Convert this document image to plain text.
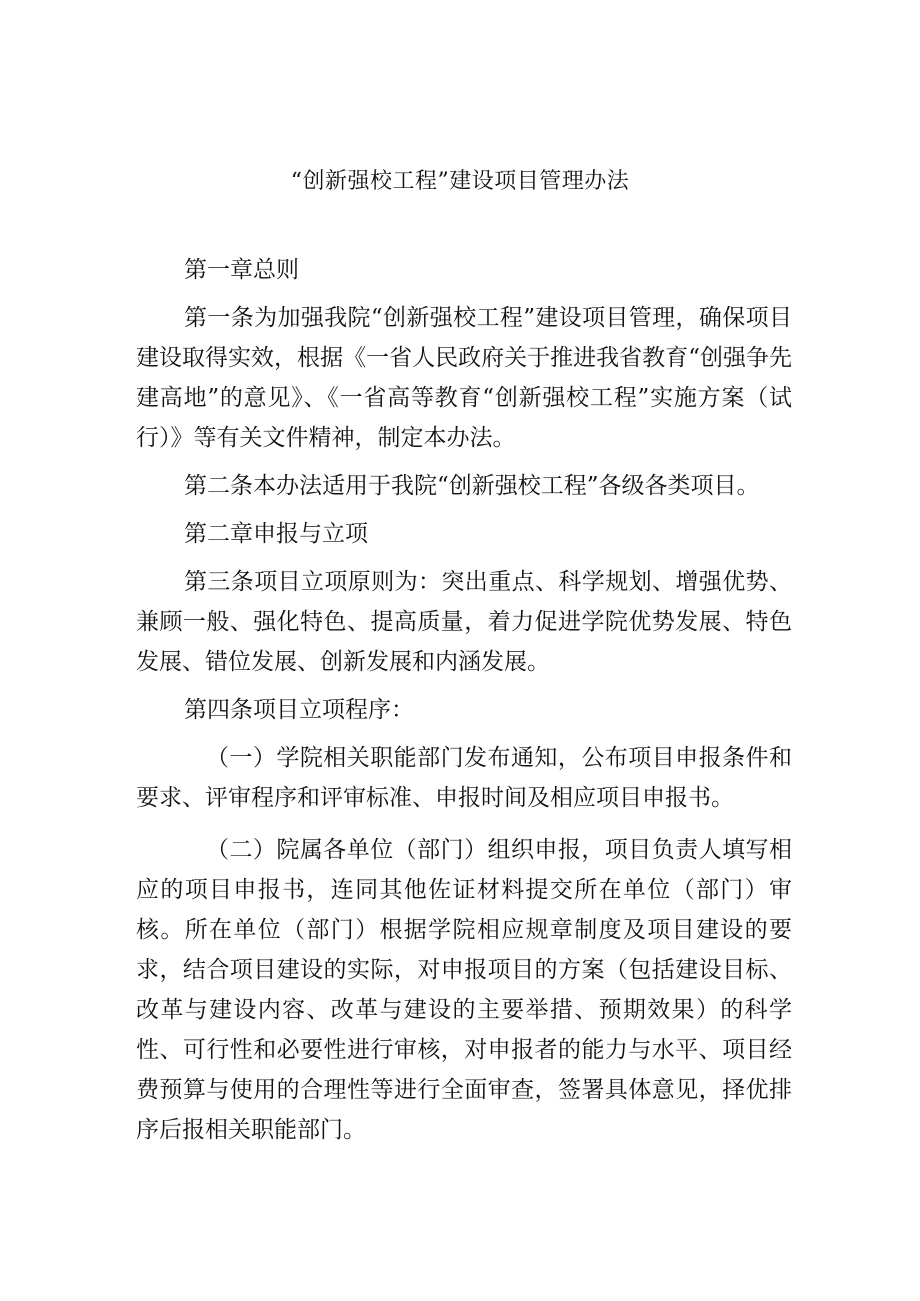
“创新强校工程”建设项目管理办法

第一章总则

第一条为加强我院“创新强校工程”建设项目管理，确保项目建设取得实效，根据《一省人民政府关于推进我省教育“创强争先建高地”的意见》、《一省高等教育“创新强校工程”实施方案（试行）》等有关文件精神，制定本办法。

第二条本办法适用于我院“创新强校工程”各级各类项目。

第二章申报与立项

第三条项目立项原则为：突出重点、科学规划、增强优势、兼顾一般、强化特色、提高质量，着力促进学院优势发展、特色发展、错位发展、创新发展和内涵发展。

第四条项目立项程序：

（一）学院相关职能部门发布通知，公布项目申报条件和要求、评审程序和评审标准、申报时间及相应项目申报书。

（二）院属各单位（部门）组织申报，项目负责人填写相应的项目申报书，连同其他佐证材料提交所在单位（部门）审核。所在单位（部门）根据学院相应规章制度及项目建设的要求，结合项目建设的实际，对申报项目的方案（包括建设目标、改革与建设内容、改革与建设的主要举措、预期效果）的科学性、可行性和必要性进行审核，对申报者的能力与水平、项目经费预算与使用的合理性等进行全面审查，签署具体意见，择优排序后报相关职能部门。
